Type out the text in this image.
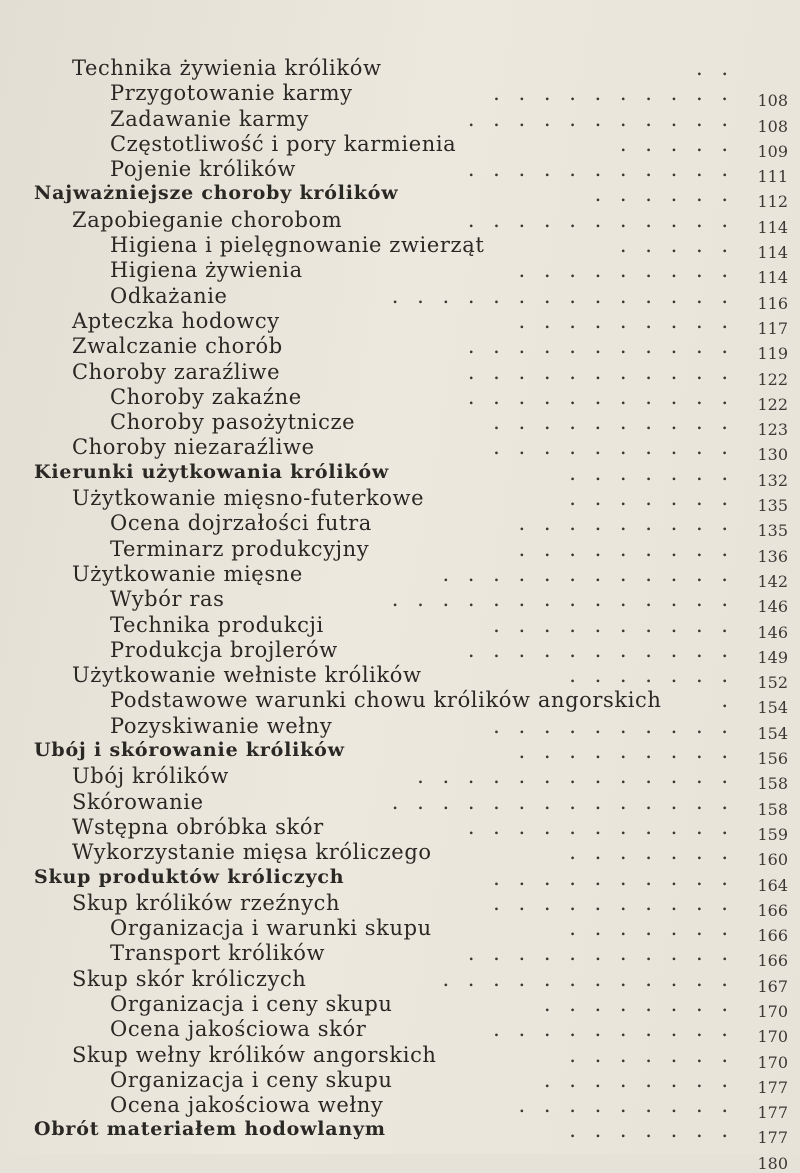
Technika żywienia królików	. .
Przygotowanie karmy	. . . . . . . . . . 108
Zadawanie karmy	. . . . . . . . . . . 108
Częstotliwość i pory karmienia	. . . . . 109
Pojenie królików	. . . . . . . . . . . 111
Najważniejsze choroby królików	. . . . . . 112
Zapobieganie chorobom	. . . . . . . . . . . 114
Higiena i pielęgnowanie zwierząt	. . . . . 114
Higiena żywienia	. . . . . . . . . 114
Odkażanie	. . . . . . . . . . . . . . 116
Apteczka hodowcy	. . . . . . . . . 117
Zwalczanie chorób	. . . . . . . . . . . 119
Choroby zaraźliwe	. . . . . . . . . . . 122
Choroby zakaźne	. . . . . . . . . . . 122
Choroby pasożytnicze	. . . . . . . . . . 123
Choroby niezaraźliwe	. . . . . . . . . . 130
Kierunki użytkowania królików	. . . . . . . 132
Użytkowanie mięsno-futerkowe	. . . . . . . 135
Ocena dojrzałości futra	. . . . . . . . . 135
Terminarz produkcyjny	. . . . . . . . . 136
Użytkowanie mięsne	. . . . . . . . . . . . 142
Wybór ras	. . . . . . . . . . . . . . 146
Technika produkcji	. . . . . . . . . . 146
Produkcja brojlerów	. . . . . . . . . . . 149
Użytkowanie wełniste królików	. . . . . . . 152
Podstawowe warunki chowu królików angorskich	. 154
Pozyskiwanie wełny	. . . . . . . . . . 154
Ubój i skórowanie królików	. . . . . . . . . 156
Ubój królików	. . . . . . . . . . . . . 158
Skórowanie	. . . . . . . . . . . . . . 158
Wstępna obróbka skór	. . . . . . . . . . . 159
Wykorzystanie mięsa króliczego	. . . . . . . 160
Skup produktów króliczych	. . . . . . . . . . 164
Skup królików rzeźnych	. . . . . . . . . . 166
Organizacja i warunki skupu	. . . . . . . 166
Transport królików	. . . . . . . . . . . 166
Skup skór króliczych	. . . . . . . . . . . . 167
Organizacja i ceny skupu	. . . . . . . . 170
Ocena jakościowa skór	. . . . . . . . . . 170
Skup wełny królików angorskich	. . . . . . . 170
Organizacja i ceny skupu	. . . . . . . . 177
Ocena jakościowa wełny	. . . . . . . . . 177
Obrót materiałem hodowlanym	. . . . . . . 177
180
